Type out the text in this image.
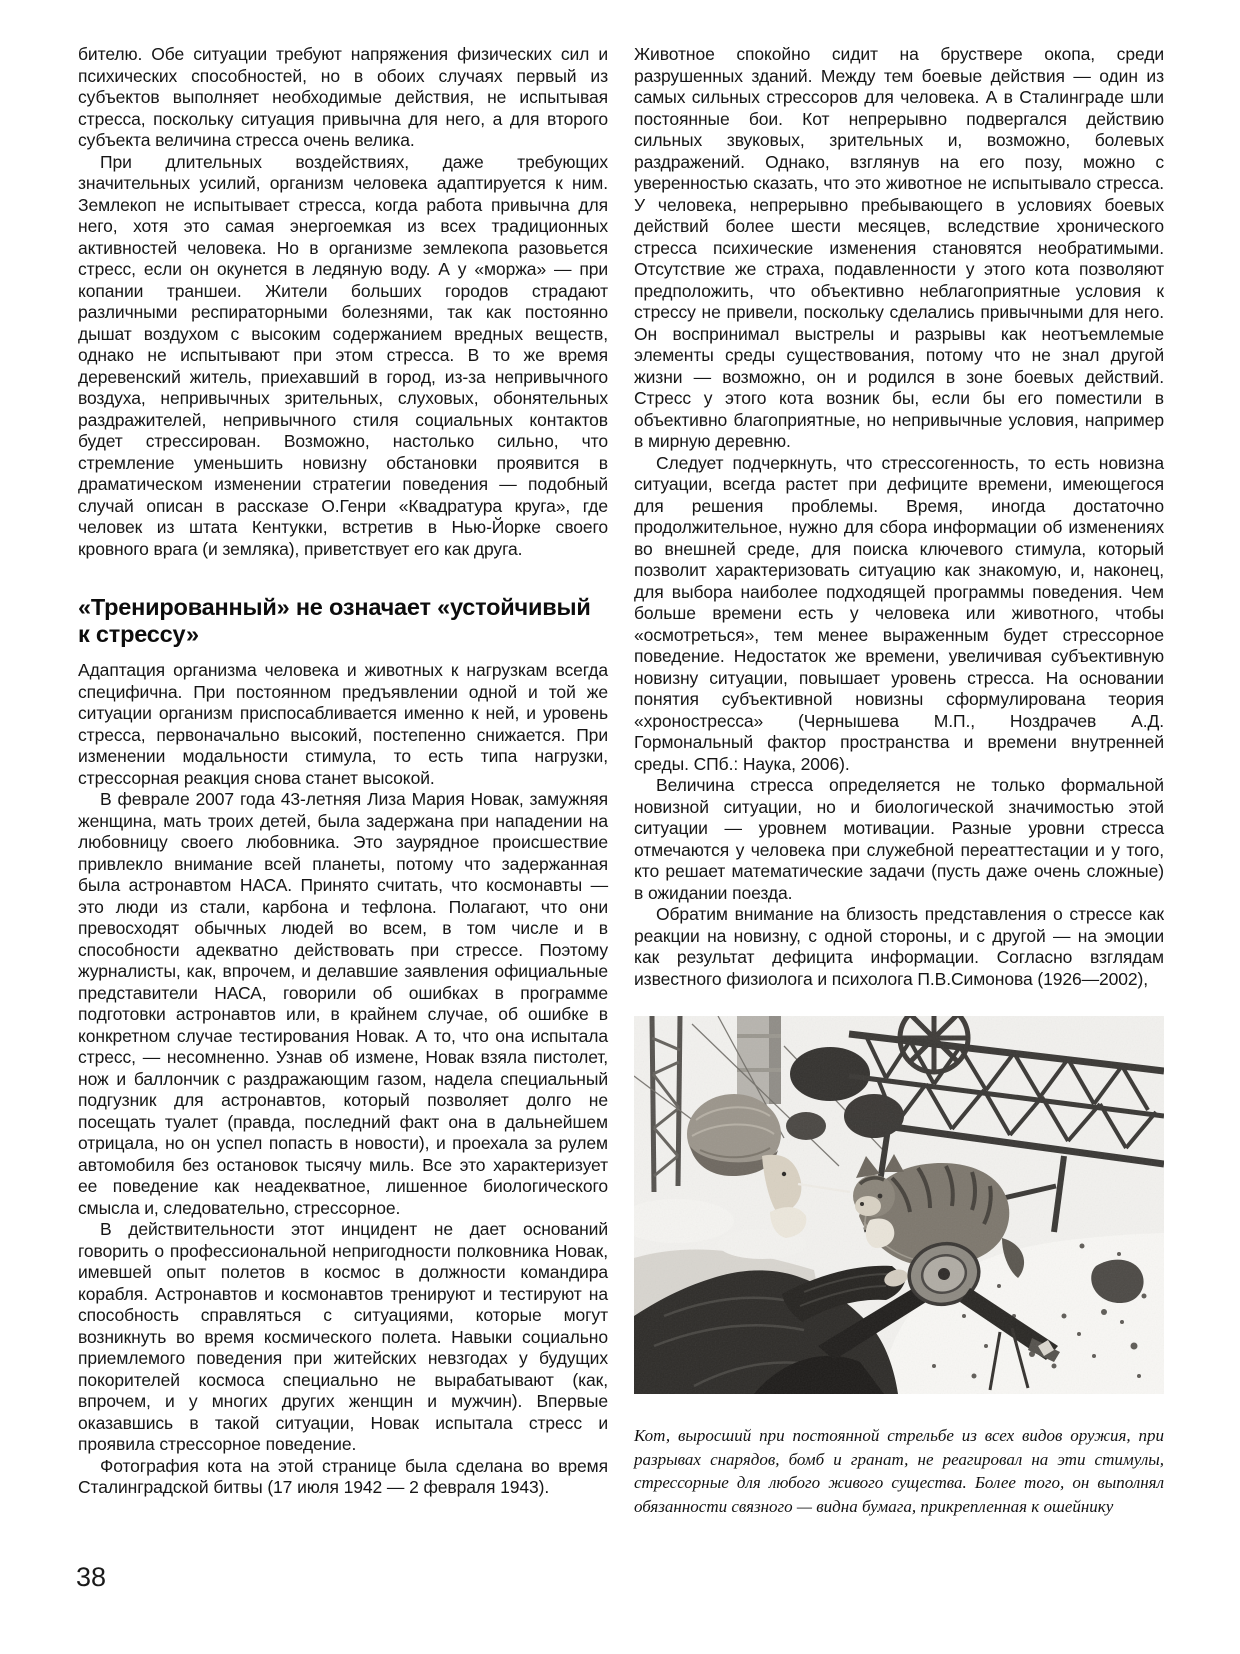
бителю. Обе ситуации требуют напряжения физических сил и психических способностей, но в обоих случаях первый из субъектов выполняет необходимые действия, не испытывая стресса, поскольку ситуация привычна для него, а для второго субъекта величина стресса очень велика.

При длительных воздействиях, даже требующих значительных усилий, организм человека адаптируется к ним. Землекоп не испытывает стресса, когда работа привычна для него, хотя это самая энергоемкая из всех традиционных активностей человека. Но в организме землекопа разовьется стресс, если он окунется в ледяную воду. А у «моржа» — при копании траншеи. Жители больших городов страдают различными респираторными болезнями, так как постоянно дышат воздухом с высоким содержанием вредных веществ, однако не испытывают при этом стресса. В то же время деревенский житель, приехавший в город, из-за непривычного воздуха, непривычных зрительных, слуховых, обонятельных раздражителей, непривычного стиля социальных контактов будет стрессирован. Возможно, настолько сильно, что стремление уменьшить новизну обстановки проявится в драматическом изменении стратегии поведения — подобный случай описан в рассказе О.Генри «Квадратура круга», где человек из штата Кентукки, встретив в Нью-Йорке своего кровного врага (и земляка), приветствует его как друга.

«Тренированный» не означает «устойчивый к стрессу»

Адаптация организма человека и животных к нагрузкам всегда специфична. При постоянном предъявлении одной и той же ситуации организм приспосабливается именно к ней, и уровень стресса, первоначально высокий, постепенно снижается. При изменении модальности стимула, то есть типа нагрузки, стрессорная реакция снова станет высокой.

В феврале 2007 года 43-летняя Лиза Мария Новак, замужняя женщина, мать троих детей, была задержана при нападении на любовницу своего любовника. Это заурядное происшествие привлекло внимание всей планеты, потому что задержанная была астронавтом НАСА. Принято считать, что космонавты — это люди из стали, карбона и тефлона. Полагают, что они превосходят обычных людей во всем, в том числе и в способности адекватно действовать при стрессе. Поэтому журналисты, как, впрочем, и делавшие заявления официальные представители НАСА, говорили об ошибках в программе подготовки астронавтов или, в крайнем случае, об ошибке в конкретном случае тестирования Новак. А то, что она испытала стресс, — несомненно. Узнав об измене, Новак взяла пистолет, нож и баллончик с раздражающим газом, надела специальный подгузник для астронавтов, который позволяет долго не посещать туалет (правда, последний факт она в дальнейшем отрицала, но он успел попасть в новости), и проехала за рулем автомобиля без остановок тысячу миль. Все это характеризует ее поведение как неадекватное, лишенное биологического смысла и, следовательно, стрессорное.

В действительности этот инцидент не дает оснований говорить о профессиональной непригодности полковника Новак, имевшей опыт полетов в космос в должности командира корабля. Астронавтов и космонавтов тренируют и тестируют на способность справляться с ситуациями, которые могут возникнуть во время космического полета. Навыки социально приемлемого поведения при житейских невзгодах у будущих покорителей космоса специально не вырабатывают (как, впрочем, и у многих других женщин и мужчин). Впервые оказавшись в такой ситуации, Новак испытала стресс и проявила стрессорное поведение.

Фотография кота на этой странице была сделана во время Сталинградской битвы (17 июля 1942 — 2 февраля 1943).

Животное спокойно сидит на бруствере окопа, среди разрушенных зданий. Между тем боевые действия — один из самых сильных стрессоров для человека. А в Сталинграде шли постоянные бои. Кот непрерывно подвергался действию сильных звуковых, зрительных и, возможно, болевых раздражений. Однако, взглянув на его позу, можно с уверенностью сказать, что это животное не испытывало стресса. У человека, непрерывно пребывающего в условиях боевых действий более шести месяцев, вследствие хронического стресса психические изменения становятся необратимыми. Отсутствие же страха, подавленности у этого кота позволяют предположить, что объективно неблагоприятные условия к стрессу не привели, поскольку сделались привычными для него. Он воспринимал выстрелы и разрывы как неотъемлемые элементы среды существования, потому что не знал другой жизни — возможно, он и родился в зоне боевых действий. Стресс у этого кота возник бы, если бы его поместили в объективно благоприятные, но непривычные условия, например в мирную деревню.

Следует подчеркнуть, что стрессогенность, то есть новизна ситуации, всегда растет при дефиците времени, имеющегося для решения проблемы. Время, иногда достаточно продолжительное, нужно для сбора информации об изменениях во внешней среде, для поиска ключевого стимула, который позволит характеризовать ситуацию как знакомую, и, наконец, для выбора наиболее подходящей программы поведения. Чем больше времени есть у человека или животного, чтобы «осмотреться», тем менее выраженным будет стрессорное поведение. Недостаток же времени, увеличивая субъективную новизну ситуации, повышает уровень стресса. На основании понятия субъективной новизны сформулирована теория «хроностресса» (Чернышева М.П., Ноздрачев А.Д. Гормональный фактор пространства и времени внутренней среды. СПб.: Наука, 2006).

Величина стресса определяется не только формальной новизной ситуации, но и биологической значимостью этой ситуации — уровнем мотивации. Разные уровни стресса отмечаются у человека при служебной переаттестации и у того, кто решает математические задачи (пусть даже очень сложные) в ожидании поезда.

Обратим внимание на близость представления о стрессе как реакции на новизну, с одной стороны, и с другой — на эмоции как результат дефицита информации. Согласно взглядам известного физиолога и психолога П.В.Симонова (1926—2002),

Кот, выросший при постоянной стрельбе из всех видов оружия, при разрывах снарядов, бомб и гранат, не реагировал на эти стимулы, стрессорные для любого живого существа. Более того, он выполнял обязанности связного — видна бумага, прикрепленная к ошейнику

38
